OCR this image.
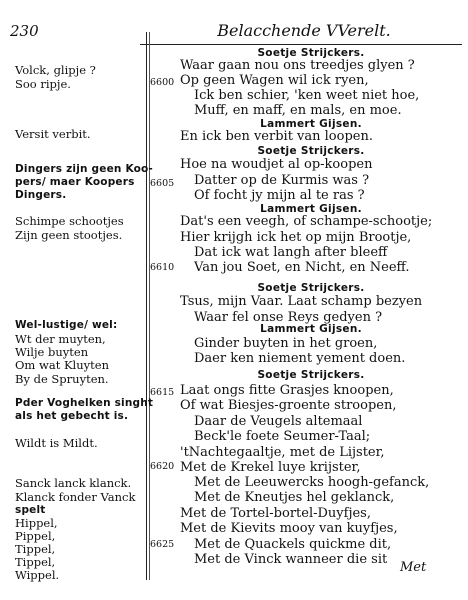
230	Belacchende VVerelt.
Volck, glipje ?
Soo ripje.
Versit verbit.
Dingers zijn geen Koo-
pers/ maer Koopers
Dingers.
Schimpe schootjes
Zijn geen stootjes.
Wel-lustige/ wel:
Wt der muyten,
Wilje buyten
Om wat Kluyten
By de Spruyten.
Pder Voghelken singht
als het gebecht is.
Wildt is Mildt.
Sanck lanck klanck.
Klanck fonder Vanck
spelt
Hippel,
Pippel,
Tippel,
Tippel,
Wippel.
6600
6605
6610
6615
6620
6625
Soetje Strijckers.
Lammert Gijsen.
Soetje Strijckers.
Lammert Gijsen.
Soetje Strijckers.
Lammert Gijsen.
Soetje Strijckers.
Waar gaan nou ons treedjes glyen ?
Op geen Wagen wil ick ryen,
Ick ben schier, 'ken weet niet hoe,
Muff, en maff, en mals, en moe.
En ick ben verbit van loopen.
Hoe na woudjet al op-koopen
Datter op de Kurmis was ?
Of focht jy mijn al te ras ?
Dat's een veegh, of schampe-schootje;
Hier krijgh ick het op mijn Brootje,
Dat ick wat langh after bleeff
Van jou Soet, en Nicht, en Neeff.
Tsus, mijn Vaar. Laat schamp bezyen
Waar fel onse Reys gedyen ?
Ginder buyten in het groen,
Daer ken niement yement doen.
Laat ongs fitte Grasjes knoopen,
Of wat Biesjes-groente stroopen,
Daar de Veugels altemaal
Beck'le foete Seumer-Taal;
'tNachtegaaltje, met de Lijster,
Met de Krekel luye krijster,
Met de Leeuwercks hoogh-gefanck,
Met de Kneutjes hel geklanck,
Met de Tortel-bortel-Duyfjes,
Met de Kievits mooy van kuyfjes,
Met de Quackels quickme dit,
Met de Vinck wanneer die sit
Met
